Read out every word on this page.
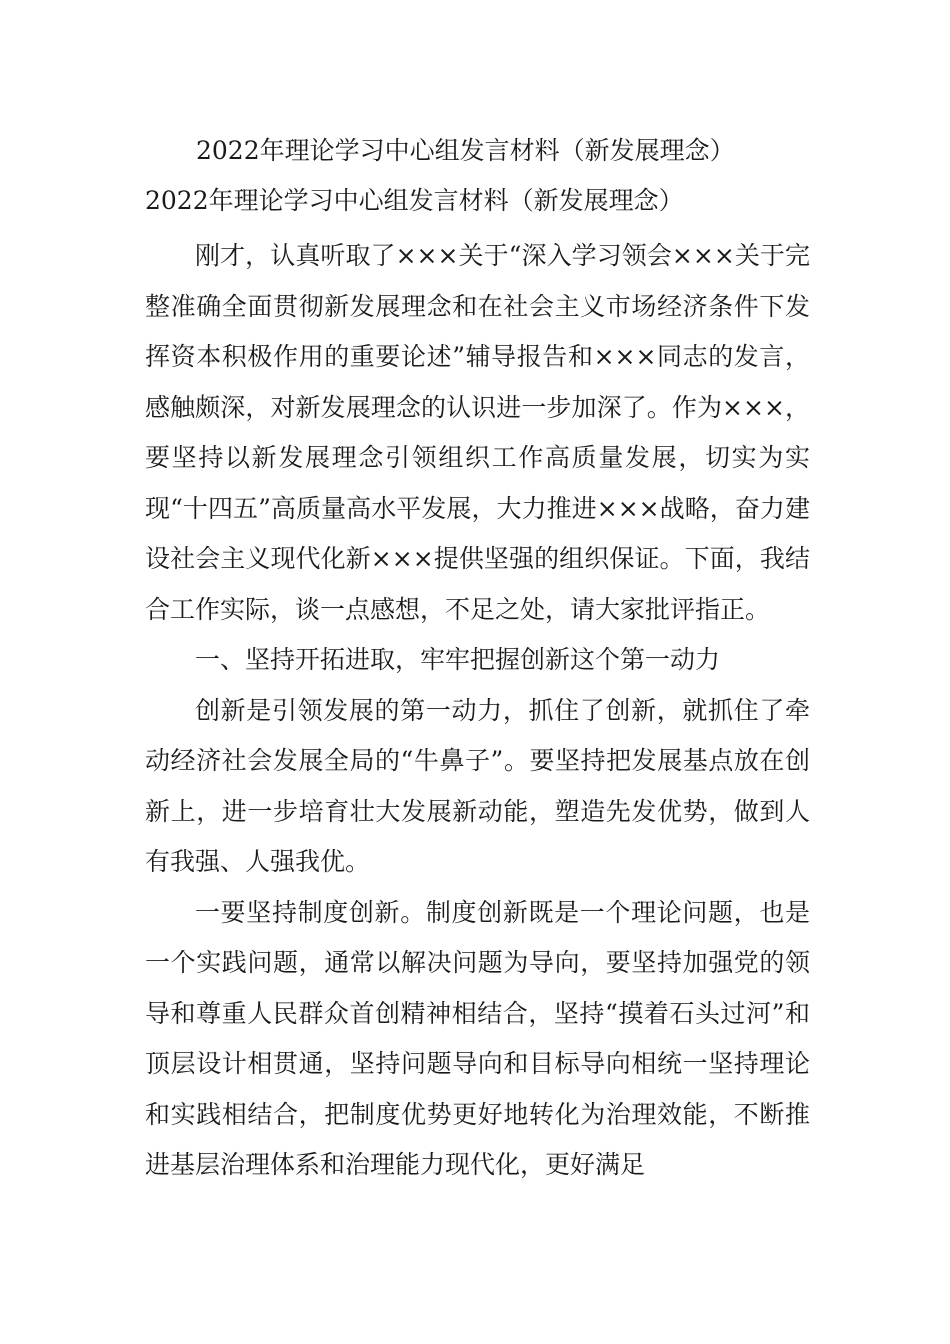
2022年理论学习中心组发言材料（新发展理念）
2022年理论学习中心组发言材料（新发展理念）

刚才，认真听取了×××关于“深入学习领会×××关于完整准确全面贯彻新发展理念和在社会主义市场经济条件下发挥资本积极作用的重要论述”辅导报告和×××同志的发言，感触颇深，对新发展理念的认识进一步加深了。作为×××，要坚持以新发展理念引领组织工作高质量发展，切实为实现“十四五”高质量高水平发展，大力推进×××战略，奋力建设社会主义现代化新×××提供坚强的组织保证。下面，我结合工作实际，谈一点感想，不足之处，请大家批评指正。

一、坚持开拓进取，牢牢把握创新这个第一动力

创新是引领发展的第一动力，抓住了创新，就抓住了牵动经济社会发展全局的“牛鼻子”。要坚持把发展基点放在创新上，进一步培育壮大发展新动能，塑造先发优势，做到人有我强、人强我优。

一要坚持制度创新。制度创新既是一个理论问题，也是一个实践问题，通常以解决问题为导向，要坚持加强党的领导和尊重人民群众首创精神相结合，坚持“摸着石头过河”和顶层设计相贯通，坚持问题导向和目标导向相统一坚持理论和实践相结合，把制度优势更好地转化为治理效能，不断推进基层治理体系和治理能力现代化，更好满足
